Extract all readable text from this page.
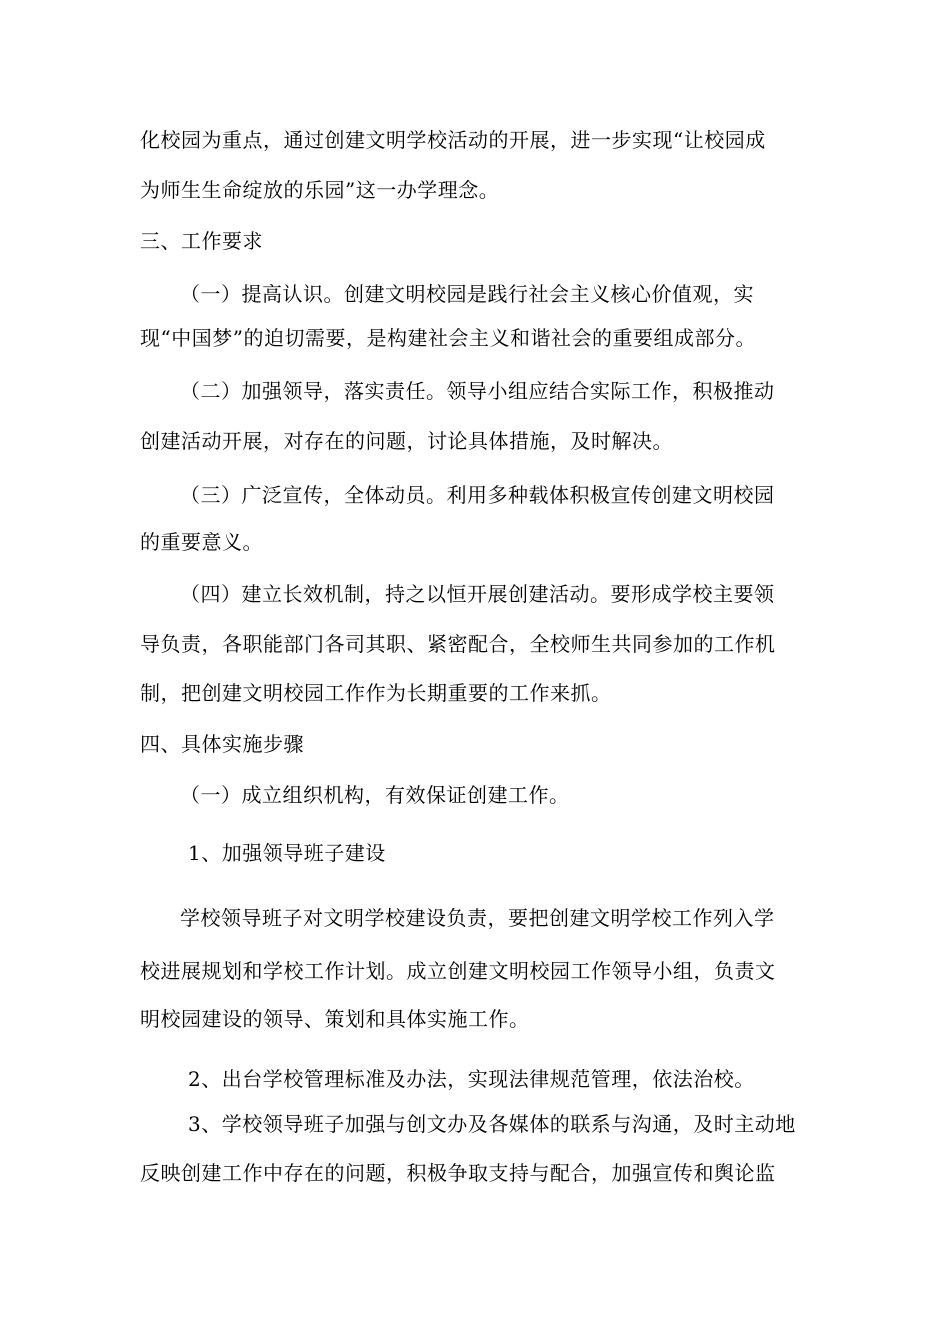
化校园为重点，通过创建文明学校活动的开展，进一步实现“让校园成
为师生生命绽放的乐园”这一办学理念。
三、工作要求
（一）提高认识。创建文明校园是践行社会主义核心价值观，实
现“中国梦”的迫切需要，是构建社会主义和谐社会的重要组成部分。
（二）加强领导，落实责任。领导小组应结合实际工作，积极推动
创建活动开展，对存在的问题，讨论具体措施，及时解决。
（三）广泛宣传，全体动员。利用多种载体积极宣传创建文明校园
的重要意义。
（四）建立长效机制，持之以恒开展创建活动。要形成学校主要领
导负责，各职能部门各司其职、紧密配合，全校师生共同参加的工作机
制，把创建文明校园工作作为长期重要的工作来抓。
四、具体实施步骤
（一）成立组织机构，有效保证创建工作。
1、加强领导班子建设
学校领导班子对文明学校建设负责，要把创建文明学校工作列入学
校进展规划和学校工作计划。成立创建文明校园工作领导小组，负责文
明校园建设的领导、策划和具体实施工作。
2、出台学校管理标准及办法，实现法律规范管理，依法治校。
3、学校领导班子加强与创文办及各媒体的联系与沟通，及时主动地
反映创建工作中存在的问题，积极争取支持与配合，加强宣传和舆论监
